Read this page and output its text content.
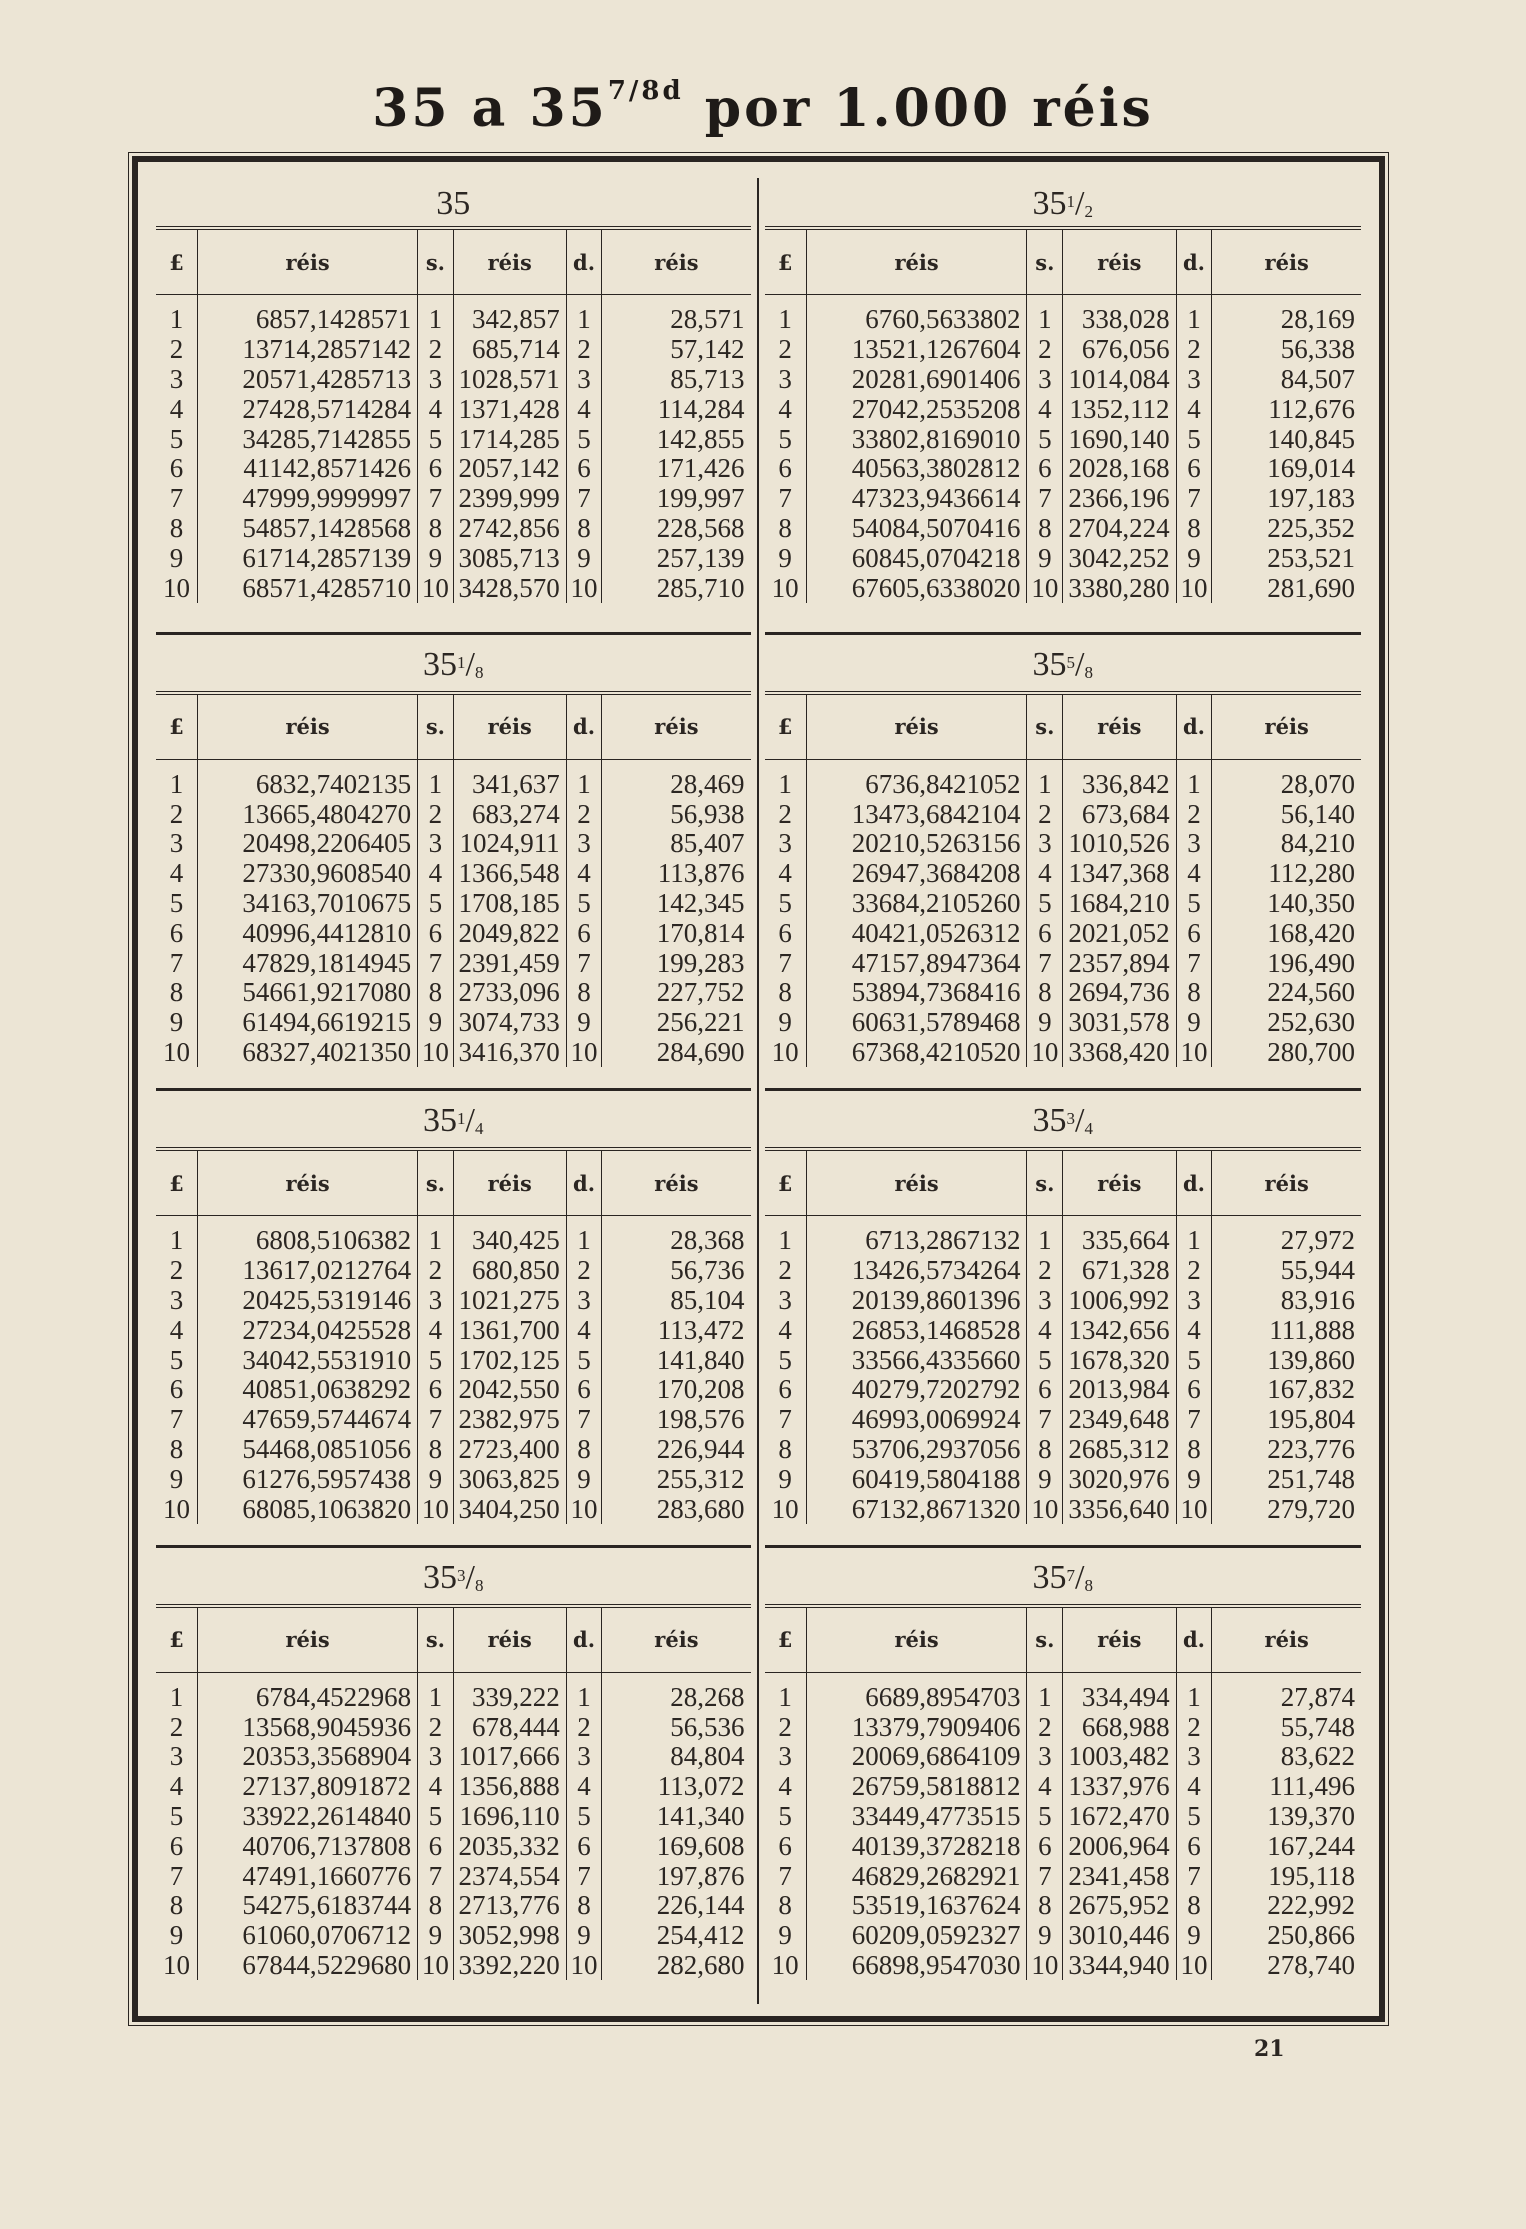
35 a $35^{7/8d}$ por 1.000 réis
35
£	réis	s.	réis	d.	réis
1	6857,1428571	1	342,857	1	28,571
2	13714,2857142	2	685,714	2	57,142
3	20571,4285713	3	1028,571	3	85,713
4	27428,5714284	4	1371,428	4	114,284
5	34285,7142855	5	1714,285	5	142,855
6	41142,8571426	6	2057,142	6	171,426
7	47999,9999997	7	2399,999	7	199,997
8	54857,1428568	8	2742,856	8	228,568
9	61714,2857139	9	3085,713	9	257,139
10	68571,4285710	10	3428,570	10	285,710
$35^1/_2$
£	réis	s.	réis	d.	réis
1	6760,5633802	1	338,028	1	28,169
2	13521,1267604	2	676,056	2	56,338
3	20281,6901406	3	1014,084	3	84,507
4	27042,2535208	4	1352,112	4	112,676
5	33802,8169010	5	1690,140	5	140,845
6	40563,3802812	6	2028,168	6	169,014
7	47323,9436614	7	2366,196	7	197,183
8	54084,5070416	8	2704,224	8	225,352
9	60845,0704218	9	3042,252	9	253,521
10	67605,6338020	10	3380,280	10	281,690
$35^1/_8$
£	réis	s.	réis	d.	réis
1	6832,7402135	1	341,637	1	28,469
2	13665,4804270	2	683,274	2	56,938
3	20498,2206405	3	1024,911	3	85,407
4	27330,9608540	4	1366,548	4	113,876
5	34163,7010675	5	1708,185	5	142,345
6	40996,4412810	6	2049,822	6	170,814
7	47829,1814945	7	2391,459	7	199,283
8	54661,9217080	8	2733,096	8	227,752
9	61494,6619215	9	3074,733	9	256,221
10	68327,4021350	10	3416,370	10	284,690
$35^5/_8$
£	réis	s.	réis	d.	réis
1	6736,8421052	1	336,842	1	28,070
2	13473,6842104	2	673,684	2	56,140
3	20210,5263156	3	1010,526	3	84,210
4	26947,3684208	4	1347,368	4	112,280
5	33684,2105260	5	1684,210	5	140,350
6	40421,0526312	6	2021,052	6	168,420
7	47157,8947364	7	2357,894	7	196,490
8	53894,7368416	8	2694,736	8	224,560
9	60631,5789468	9	3031,578	9	252,630
10	67368,4210520	10	3368,420	10	280,700
$35^1/_4$
£	réis	s.	réis	d.	réis
1	6808,5106382	1	340,425	1	28,368
2	13617,0212764	2	680,850	2	56,736
3	20425,5319146	3	1021,275	3	85,104
4	27234,0425528	4	1361,700	4	113,472
5	34042,5531910	5	1702,125	5	141,840
6	40851,0638292	6	2042,550	6	170,208
7	47659,5744674	7	2382,975	7	198,576
8	54468,0851056	8	2723,400	8	226,944
9	61276,5957438	9	3063,825	9	255,312
10	68085,1063820	10	3404,250	10	283,680
$35^3/_4$
£	réis	s.	réis	d.	réis
1	6713,2867132	1	335,664	1	27,972
2	13426,5734264	2	671,328	2	55,944
3	20139,8601396	3	1006,992	3	83,916
4	26853,1468528	4	1342,656	4	111,888
5	33566,4335660	5	1678,320	5	139,860
6	40279,7202792	6	2013,984	6	167,832
7	46993,0069924	7	2349,648	7	195,804
8	53706,2937056	8	2685,312	8	223,776
9	60419,5804188	9	3020,976	9	251,748
10	67132,8671320	10	3356,640	10	279,720
$35^3/_8$
£	réis	s.	réis	d.	réis
1	6784,4522968	1	339,222	1	28,268
2	13568,9045936	2	678,444	2	56,536
3	20353,3568904	3	1017,666	3	84,804
4	27137,8091872	4	1356,888	4	113,072
5	33922,2614840	5	1696,110	5	141,340
6	40706,7137808	6	2035,332	6	169,608
7	47491,1660776	7	2374,554	7	197,876
8	54275,6183744	8	2713,776	8	226,144
9	61060,0706712	9	3052,998	9	254,412
10	67844,5229680	10	3392,220	10	282,680
$35^7/_8$
£	réis	s.	réis	d.	réis
1	6689,8954703	1	334,494	1	27,874
2	13379,7909406	2	668,988	2	55,748
3	20069,6864109	3	1003,482	3	83,622
4	26759,5818812	4	1337,976	4	111,496
5	33449,4773515	5	1672,470	5	139,370
6	40139,3728218	6	2006,964	6	167,244
7	46829,2682921	7	2341,458	7	195,118
8	53519,1637624	8	2675,952	8	222,992
9	60209,0592327	9	3010,446	9	250,866
10	66898,9547030	10	3344,940	10	278,740
21
